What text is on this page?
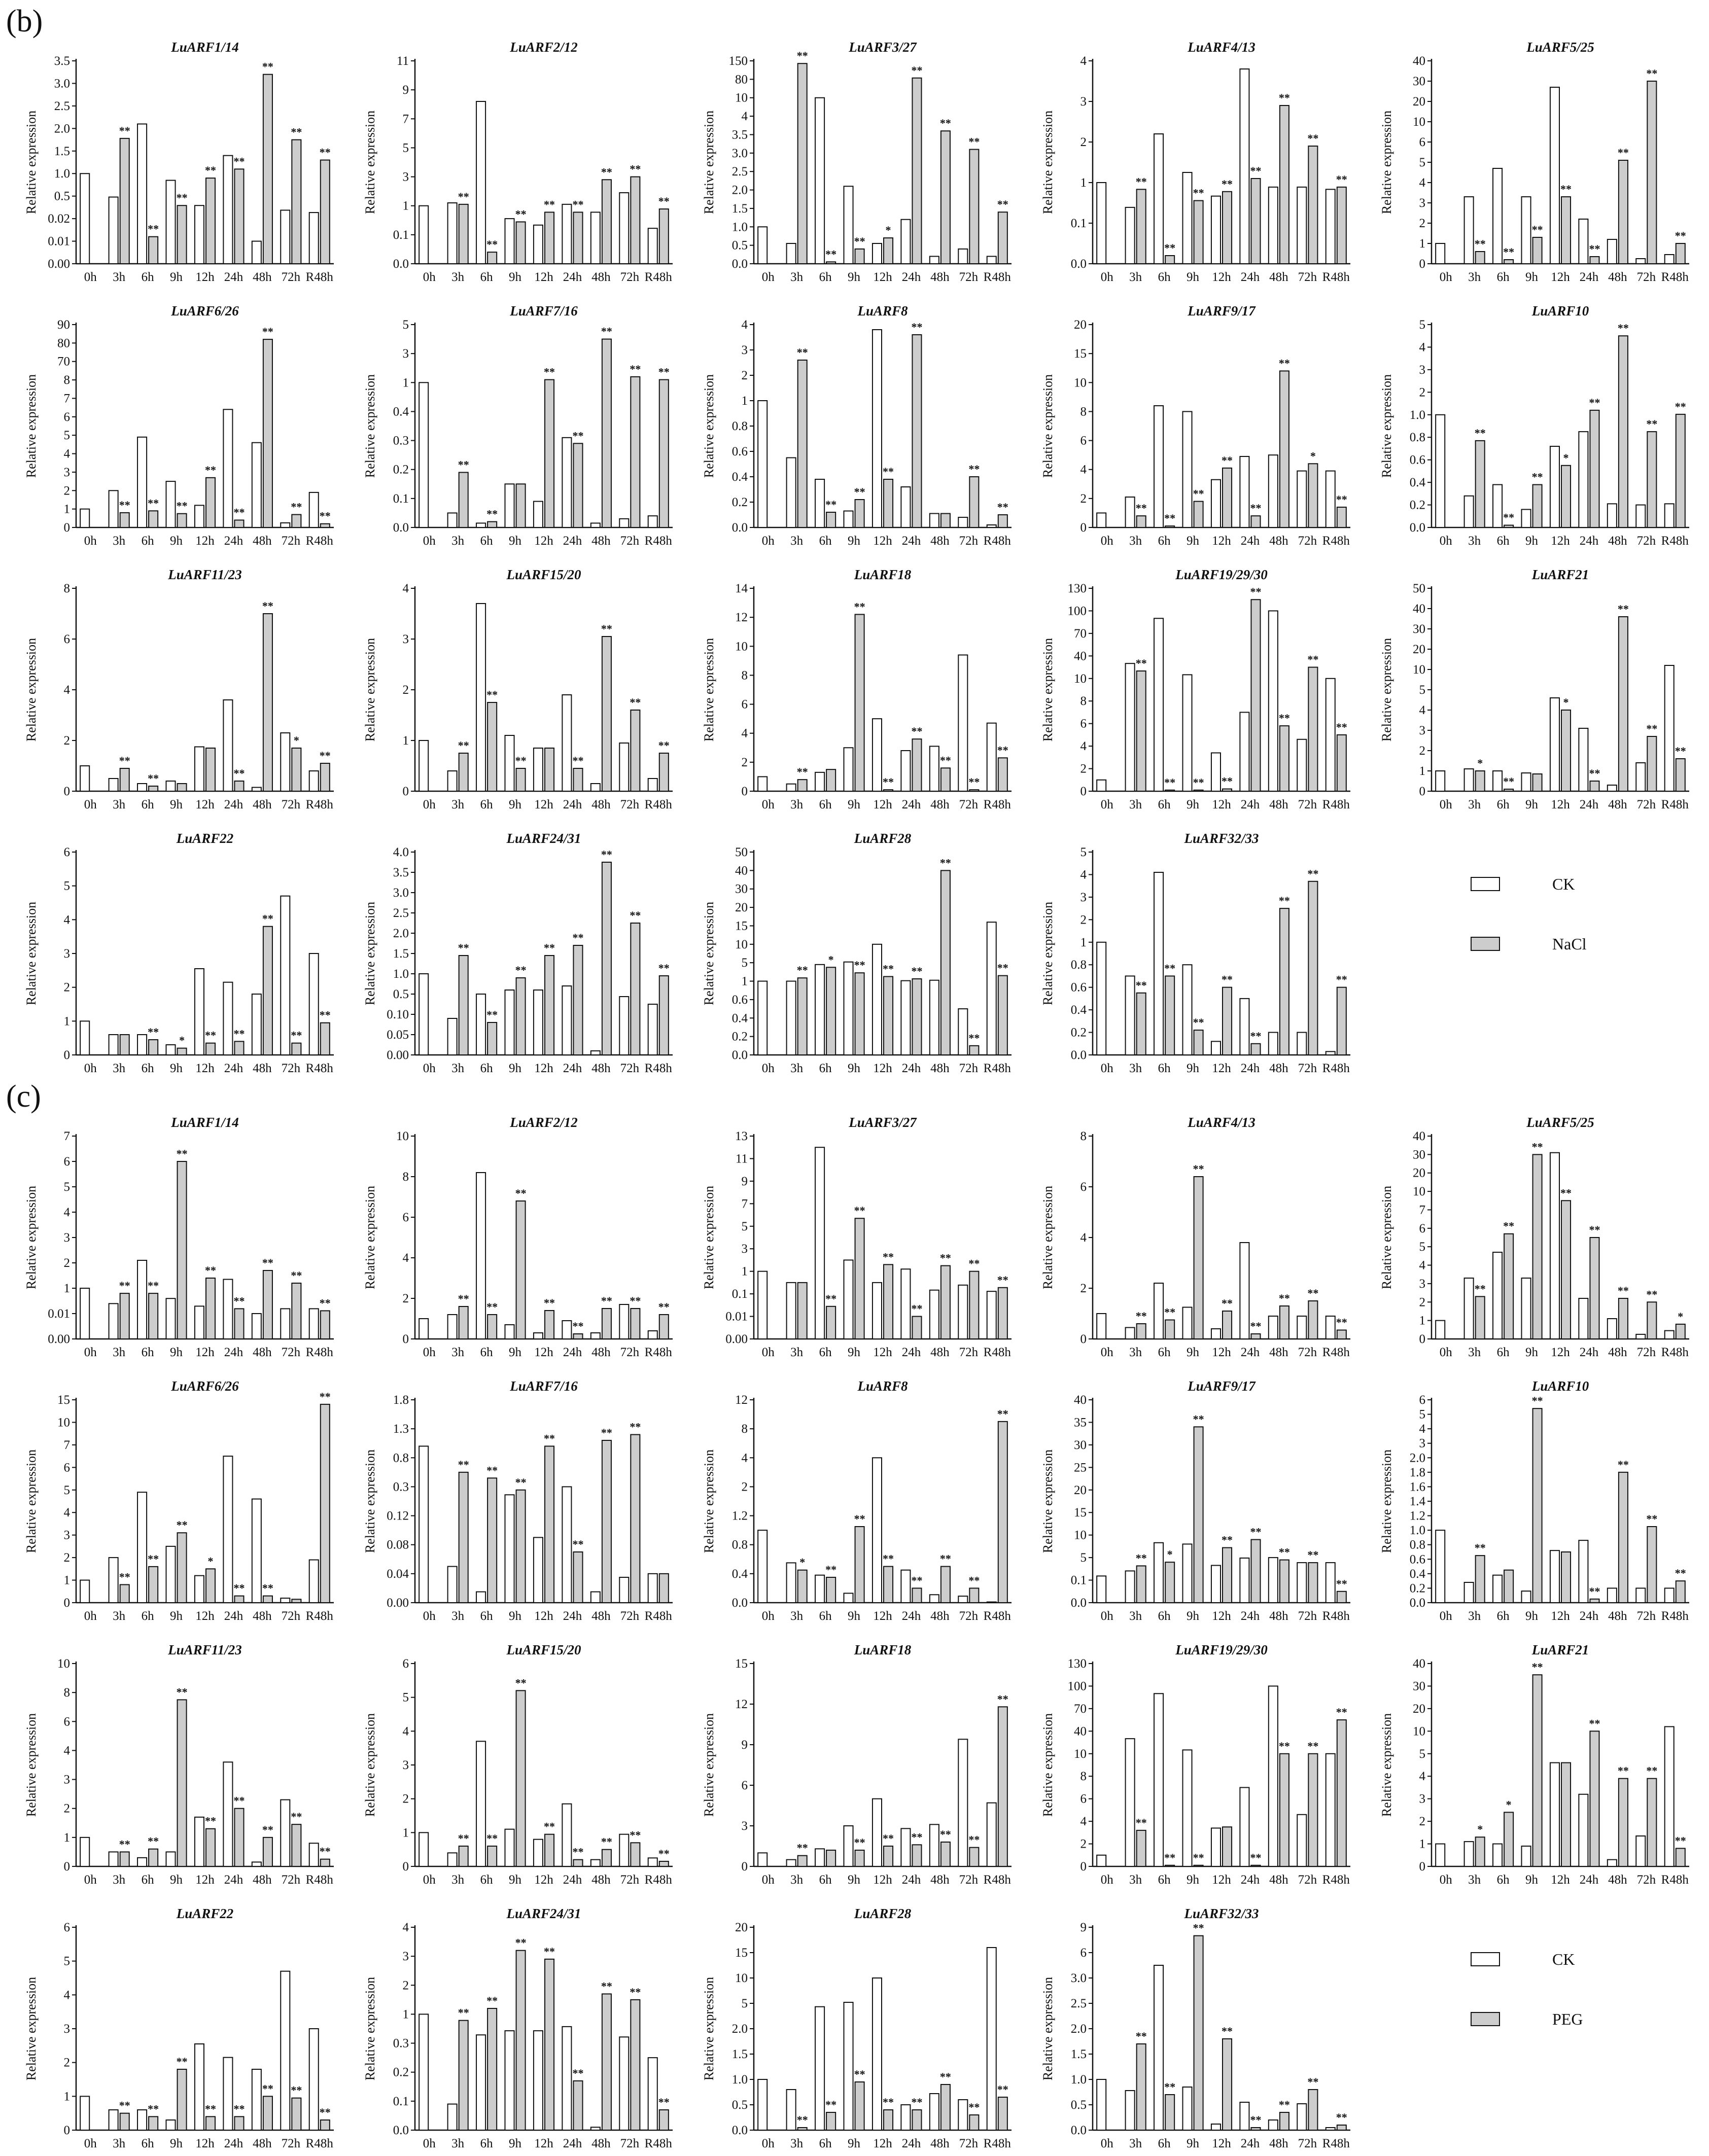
(b)
LuARF1/14
Relative expression
0.00
0.01
0.02
0.5
1.0
1.5
2.0
2.5
3.0
3.5
0h 3h
**
6h
**
9h
**
12h
**
24h
**
48h
**
72h
**
R48h
**
LuARF2/12
Relative expression
0.0
0.1
1
3
5
7
9
11
0h 3h
**
6h
**
9h
**
12h
**
24h
**
48h
**
72h
**
R48h
**
LuARF3/27
Relative expression
0.0
0.5
1.0
1.5
2.0
2.5
3.0
3.5
4
10
80
150
0h 3h
**
6h
**
9h
**
12h
*
24h
**
48h
**
72h
**
R48h
**
LuARF4/13
Relative expression
0.0
0.1
1
2
3
4
0h 3h
**
6h
**
9h
**
12h
**
24h
**
48h
**
72h
**
R48h
**
LuARF5/25
Relative expression
0
1
2
3
4
5
6
10
20
30
40
0h 3h
**
6h
**
9h
**
12h
**
24h
**
48h
**
72h
**
R48h
**
LuARF6/26
Relative expression
0
1
2
3
4
5
6
7
8
70
80
90
0h 3h
**
6h
**
9h
**
12h
**
24h
**
48h
**
72h
**
R48h
**
LuARF7/16
Relative expression
0.0
0.1
0.2
0.3
0.4
1
3
5
0h 3h
**
6h
**
9h 12h
**
24h
**
48h
**
72h
**
R48h
**
LuARF8
Relative expression
0.0
0.2
0.4
0.6
0.8
1
2
3
4
0h 3h
**
6h
**
9h
**
12h
**
24h
**
48h 72h
**
R48h
**
LuARF9/17
Relative expression
0
2
4
6
8
10
15
20
0h 3h
**
6h
**
9h
**
12h
**
24h
**
48h
**
72h
*
R48h
**
LuARF10
Relative expression
0.0
0.2
0.4
0.6
0.8
1.0
2
3
4
5
0h 3h
**
6h
**
9h
**
12h
*
24h
**
48h
**
72h
**
R48h
**
LuARF11/23
Relative expression
0
2
4
6
8
0h 3h
**
6h
**
9h 12h 24h
**
48h
**
72h
*
R48h
**
LuARF15/20
Relative expression
0
1
2
3
4
0h 3h
**
6h
**
9h
**
12h 24h
**
48h
**
72h
**
R48h
**
LuARF18
Relative expression
0
2
4
6
8
10
12
14
0h 3h
**
6h 9h
**
12h
**
24h
**
48h
**
72h
**
R48h
**
LuARF19/29/30
Relative expression
0
2
4
6
8
10
40
70
100
130
0h 3h
**
6h
**
9h
**
12h
**
24h
**
48h
**
72h
**
R48h
**
LuARF21
Relative expression
0
1
2
3
4
5
10
20
30
40
50
0h 3h
*
6h
**
9h 12h
*
24h
**
48h
**
72h
**
R48h
**
LuARF22
Relative expression
0
1
2
3
4
5
6
0h 3h 6h
**
9h
*
12h
**
24h
**
48h
**
72h
**
R48h
**
LuARF24/31
Relative expression
0.00
0.05
0.10
0.5
1.0
1.5
2.0
2.5
3.0
3.5
4.0
0h 3h
**
6h
**
9h
**
12h
**
24h
**
48h
**
72h
**
R48h
**
LuARF28
Relative expression
0.0
0.2
0.4
0.6
1
5
10
15
20
30
40
50
0h 3h
**
6h
*
9h
**
12h
**
24h
**
48h
**
72h
**
R48h
**
LuARF32/33
Relative expression
0.0
0.2
0.4
0.6
0.8
1
2
3
4
5
0h 3h
**
6h
**
9h
**
12h
**
24h
**
48h
**
72h
**
R48h
**
CK
NaCl
(c)
LuARF1/14
Relative expression
0.00
0.01
1
2
3
4
5
6
7
0h 3h
**
6h
**
9h
**
12h
**
24h
**
48h
**
72h
**
R48h
**
LuARF2/12
Relative expression
0
2
4
6
8
10
0h 3h
**
6h
**
9h
**
12h
**
24h
**
48h
**
72h
**
R48h
**
LuARF3/27
Relative expression
0.00
0.01
0.1
1
3
5
7
9
11
13
0h 3h 6h
**
9h
**
12h
**
24h
**
48h
**
72h
**
R48h
**
LuARF4/13
Relative expression
0
2
4
6
8
0h 3h
**
6h
**
9h
**
12h
**
24h
**
48h
**
72h
**
R48h
**
LuARF5/25
Relative expression
0
1
2
3
4
5
6
7
10
20
30
40
0h 3h
**
6h
**
9h
**
12h
**
24h
**
48h
**
72h
**
R48h
*
LuARF6/26
Relative expression
0
1
2
3
4
5
6
7
10
15
0h 3h
**
6h
**
9h
**
12h
*
24h
**
48h
**
72h R48h
**
LuARF7/16
Relative expression
0.00
0.04
0.08
0.12
0.3
0.8
1.3
1.8
0h 3h
**
6h
**
9h
**
12h
**
24h
**
48h
**
72h
**
R48h
LuARF8
Relative expression
0.0
0.4
0.8
1.2
2
4
8
12
0h 3h
*
6h
**
9h
**
12h
**
24h
**
48h
**
72h
**
R48h
**
LuARF9/17
Relative expression
0.0
0.1
5
10
15
20
25
30
35
40
0h 3h
**
6h
*
9h
**
12h
**
24h
**
48h
**
72h
**
R48h
**
LuARF10
Relative expression
0.0
0.2
0.4
0.6
0.8
1.0
1.2
1.4
1.6
1.8
2.0
3
4
5
6
0h 3h
**
6h 9h
**
12h 24h
**
48h
**
72h
**
R48h
**
LuARF11/23
Relative expression
0
1
2
3
4
6
8
10
0h 3h
**
6h
**
9h
**
12h
**
24h
**
48h
**
72h
**
R48h
**
LuARF15/20
Relative expression
0
1
2
3
4
5
6
0h 3h
**
6h
**
9h
**
12h
**
24h
**
48h
**
72h
**
R48h
**
LuARF18
Relative expression
0
3
6
9
12
15
0h 3h
**
6h 9h
**
12h
**
24h
**
48h
**
72h
**
R48h
**
LuARF19/29/30
Relative expression
0
2
4
6
8
10
40
70
100
130
0h 3h
**
6h
**
9h
**
12h 24h
**
48h
**
72h
**
R48h
**
LuARF21
Relative expression
0
1
2
3
4
5
10
20
30
40
0h 3h
*
6h
*
9h
**
12h 24h
**
48h
**
72h
**
R48h
**
LuARF22
Relative expression
0
1
2
3
4
5
6
0h 3h
**
6h
**
9h
**
12h
**
24h
**
48h
**
72h
**
R48h
**
LuARF24/31
Relative expression
0.0
0.1
0.2
0.3
1
2
3
4
0h 3h
**
6h
**
9h
**
12h
**
24h
**
48h
**
72h
**
R48h
**
LuARF28
Relative expression
0.0
0.5
1.0
1.5
2.0
5
10
15
20
0h 3h
**
6h
**
9h
**
12h
**
24h
**
48h
**
72h
**
R48h
**
LuARF32/33
Relative expression
0.0
0.5
1.0
1.5
2.0
2.5
3.0
6
9
0h 3h
**
6h
**
9h
**
12h
**
24h
**
48h
**
72h
**
R48h
**
CK
PEG
